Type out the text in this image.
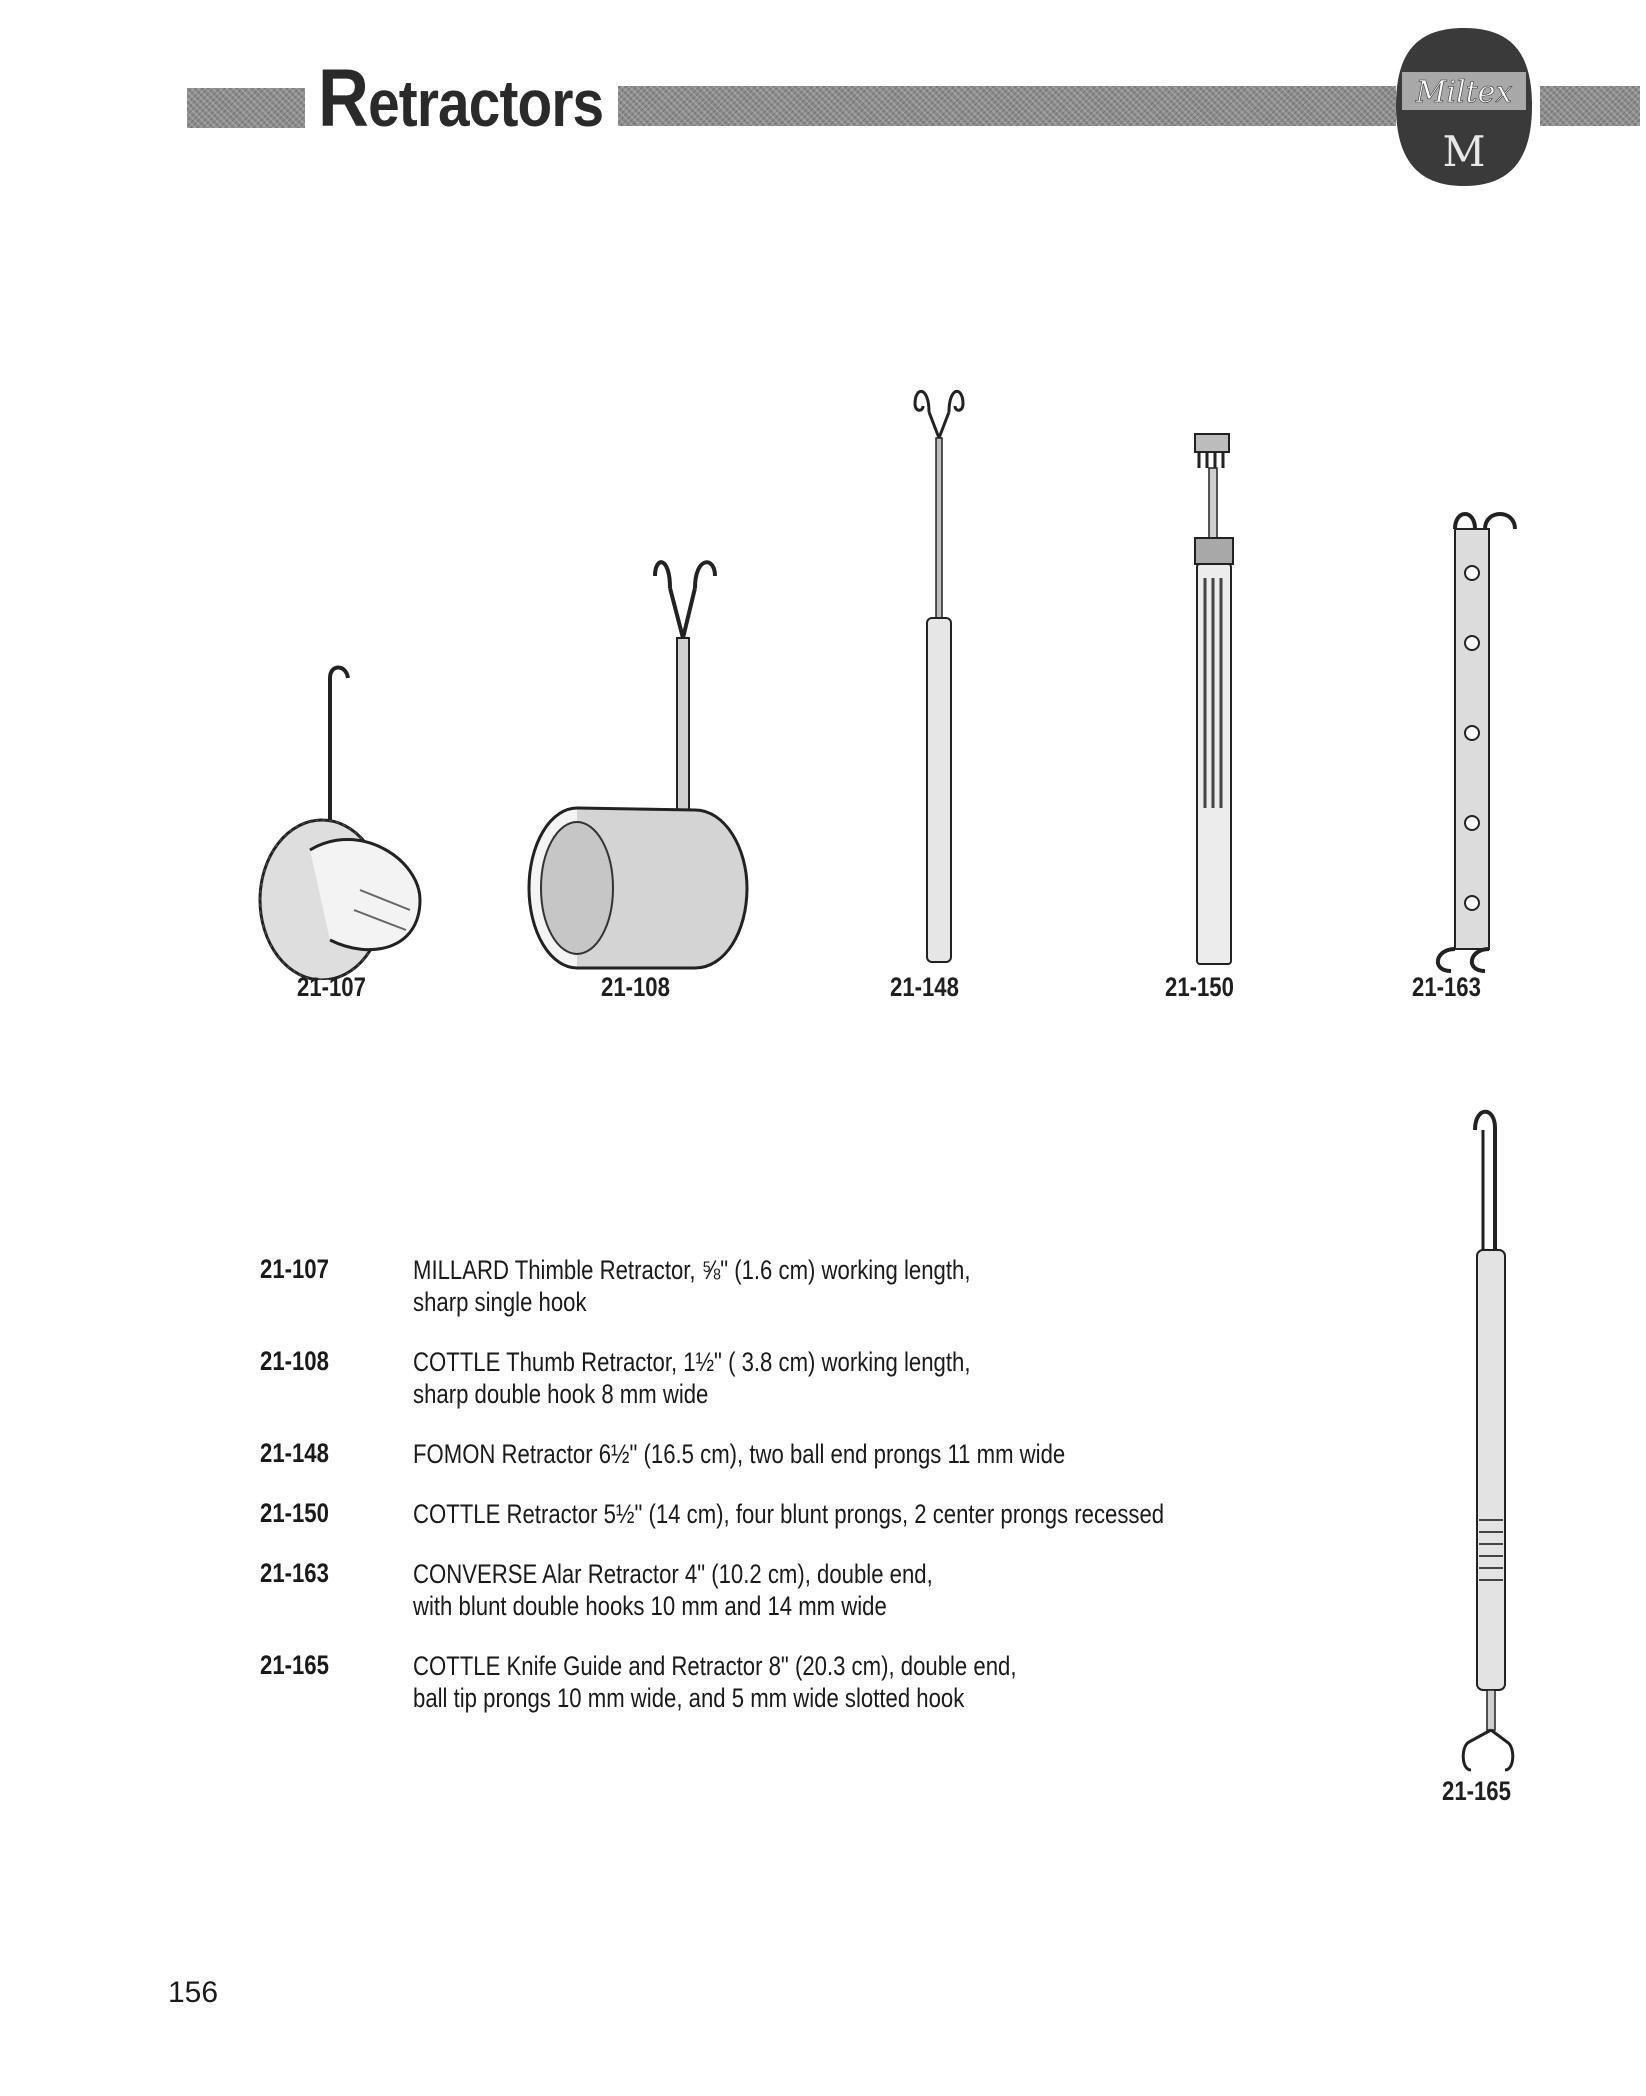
Retractors	Miltex
M
21-107	21-108	21-148	21-150	21-163
21-165
21-107	MILLARD Thimble Retractor, ⅝" (1.6 cm) working length,
sharp single hook
21-108	COTTLE Thumb Retractor, 1½" ( 3.8 cm) working length,
sharp double hook 8 mm wide
21-148	FOMON Retractor 6½" (16.5 cm), two ball end prongs 11 mm wide
21-150	COTTLE Retractor 5½" (14 cm), four blunt prongs, 2 center prongs recessed
21-163	CONVERSE Alar Retractor 4" (10.2 cm), double end,
with blunt double hooks 10 mm and 14 mm wide
21-165	COTTLE Knife Guide and Retractor 8" (20.3 cm), double end,
ball tip prongs 10 mm wide, and 5 mm wide slotted hook
156
